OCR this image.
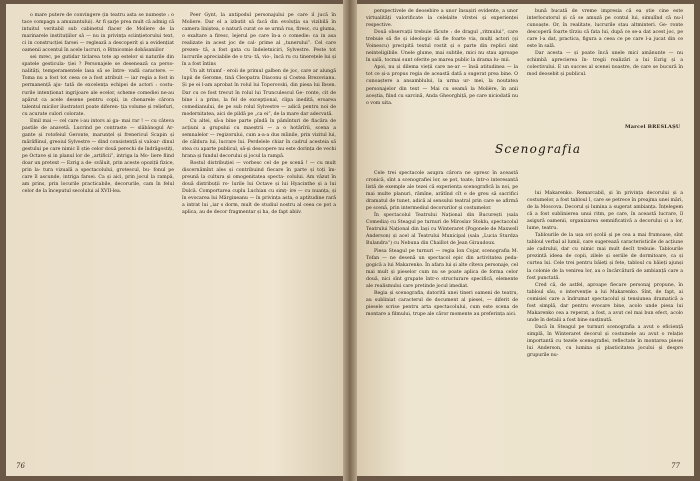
o mare putere de convingere (in teatru asta se numește : o tace compagn a amuzantului). Ar fi șarje prea mult că admig că intuitul veritabil sub cabinetul flacer de Moliere de la marinarele instituțiilor să — nu in privința sciințietorului text, ci in construcției farsei — reglează a descoperit și a evidențiat oamenii accentul în acele lucruri, o Bitnicomie dobăsaniilor

sei mrec, pe gutidar ticlarea tote ap estelor si naturile din spatele gesticula- ției ? Personajele se desenează ca perso- nalități, temperamentele lasa să se între- vadă caractere. — Toma nu a fost tot ceea ce a fost atribuit — iar regia a fost in permanență aju- tată de excelența echipei de actori : costu- rurile intenționat ingrijoare ale ecelor, scheme comediei ne-au apărut ca acele desene pentru copii, in chenarele cărora talentul micilor ilustratori poate diferen- ția volume și reliefuri, cu acurate culori colorate.

Emil mai — cel care i-au intors ai ga- mai rar ! — cu câteva pastile de anavetă. Lucrind pe contraste — slăbănogul Ar- gante și rotofeiul Geronte, marunțel și frenericul Scapin și mărăflinul, greoiul Sylvestre — dind consistență și valoar- dinul gestului pe care nimic îl știe celor două perechi de îndrăgostiți, pe Octave și in planul lor de „artificii”, intriga la Mo- liere fiind doar un pretext — Ezrig a de- svăluit, prin aceste opoziții fizice, prin la- tura vizuală a spectacolului, grotescul, bu- fonul pe care îl ascunde, intriga farsei. Ca și aici, prin jocul la rampă, am prins, prin locurile practicabile, decorurile, cam în felul celor de la începutul secolului al XVII-lea.

Peer Gynt, la antipodul personajului pe care il jucă în Moliere. Dar el a izbutit să facă din evoluția sa vizibilă în camera liniștea, o natură curat ce se urmă rus, firesc, cu gluma, o exaltare a firesc, lejerul pe care în-a o comedie: ca in asa realizate in acest joc de cal- prime al „tunerului“. Cel care prezen- tă, a fost gata cu îndeletniciri, Sylvestre. Peste tot lucrurile apreciabile de o tru- tă, vio-, încă ru cu tinerețele lui și în a fost întins

Un alt triumf - eroii de primul galben de joc, care ar alungă lupii de Gerome, tină Cleopatra Diaconu și Costea Brezovianu. Și pe ei l-am aprobat în rolul lui Toporovski, din piesa lui Ibsen. Dar cu ce fost trecut în rolul lui Trunculescul Ge- ronte, cit de bine i a prins, la fel de excepțional, clipa inedită, eroarea comedianului, de pe sub rolul Sylvestre — adică pentru noi de modernitatea, aici de pildă pe „ca ei“, de la mare dar adecvată.

Cu altei, să-a bine parte pîndă în pămînturi de flacăra de acțiuni a grupului cu maeștrii — a o hotărîrii, scena a semnalelor — regizorului, cum a-a-a dus mîinile, prin vizitul lui, de căldura lui, lucrare lui. Perdelele chiar în cadrul acesteia să stea cu aparte publicul, să-și descopere nu este dorința de vechi hrana și fundul decorului și jocul la rampă.

Rostul distribuției — vorbesc cel de pe scenă ! — cu mult discernămînt ales și contribuind fiecare în parte și toți îm- preună la cultura și omogenitatea specta- colului. Am văzut în două distribuții ro- lurile lui Octave și lui Hyacinthe și a lui Dulcă. Comportarea cuplu Luchian cu simț- ire — cu nuanța, și în evocarea lui Mărgineanu — în privința asta, o aptitudine rară a intrat lui „iar s dorm, mult de studiul nostru al ceea ce pot a aplica, au de decor fragmentar și ha, de fapt abiiv.

76

perspectivele de deosebire a unor însușiri evidente, a unor virtualități valorificate la celelalte vîrstei și experienței respective.

Două observații trebuie făcute : de dragul „ritmului“, care trebuie să fie și ideologic să fie foarte via, mulți actori (și Voinescu) precipită textul rostit și o parte din replici sint neinteligibile. Unele glume, mai subtile, mici nu stau aproape în sală, tocmai sunt oferite pe marea public la drama lu- mii.

Apoi, nu și dilema vieții care ne-ar — însă atitudinea — la tot ce și-a propus regia de această dată a sugerat prea bine. O cunoaștere a ansamblului, la urma ur- mei, la noutatea personajelor din text — Mai cu seamă la Molière, în anii aceștia, fiind cu sarcină, Anda Gheorghiță, pe care niciodată nu o vom uita.

bună bucată de vreme impresia că ea știe cine este interlocutorul și că se amuză pe contul lui, simulînd că nu-l cunoaște. Or, în realitate, lucrurile stau altminteri. Ge- ronte descoperă foarte tîrziu că fata lui, după ce se-a dat acest joc, pe care l-a dat, practica, figura a ceea ce pe care l-a jucat din ce este în sală.

Dar acesta — și poate încă unele mici amănunte — nu schimbă aprecierea în- tregii realizări a lui Ezrig și a colectivului. E un succes al scenei noastre, de care se bucură în mod deosebit și publicul.

Marcel BRESLAȘU
Scenografia

Cele trei spectacole asupra cărora ne opresc în această cronică, sînt a scenografiei lor, se pot, toate, într-o interesantă listă de exemple ale tezei că experiența scenografică la noi, pe mai multe planuri, rămîne, arătînd cît e de greu să sacrifici dramatul de tunet, adică al sensului teatral prin care se afirmă pe scenă, prin intermediul decorurilor și costumelor.

În spectacolul Teatrului Național din București (sala Comedia) cu Steagul pe turnuri de Miroslav Stoklu, spectacolul Teatrului Național din Iași cu Winteraret (Pogonele de Maxwell Anderson) și acel al Teatrului Municipal (sala „Lucia Sturdza Bulandra“) cu Nebuna din Chaillot de Jean Giraudoux.

Piesa Steagul pe turnuri — regia Ion Cojar, scenografia M. Tofan — ne desenă un spectacol epic din activitatea peda- gogică a lui Makarenko. În afara lui și alte cîteva personaje, cel mai mult și pieselor cum nu se poate aplica de forma celor două, nici sînt grupate într-o structurare specifică, elemente ale realismului care pretinde jocul imediat.

Regia și scenografia, datorită unei tineri oameni de teatru, au subliniat caracterul de document al piesei, — diferit de piesele scrise pentru arta spectacolului, cum este scena de montare a filmului, trupe ale căror momente au preferința aici.

lui Makarenko. Remarcabil, și în privința decorului și a costumelor, a fost tabloul I, care se petrece în preajma unei mări, de la Moscova. Decorul și lumina a sugerat ambianța. Înțelegem că a fost sublinierea unui ritm, pe care, în această lucrare, îl asigură oamenii, organizarea semnificativă a decorului și a lor, lume, teatru.

Tablourile de la ușa ori școlii și pe cea a mai frumoase, sînt tabloul verbal al lumii, care sugerează caracteristicile de acțiune ale cadrului, dar cu nimic mai mult decît trebuie. Tablourile prezintă ideea de copii, zilele și seriile de dormitoare, ca și curtea lui. Cele trei pentru băieți și fete, tabloul cu băieți ajunși la colonie de la venirea lor, au o încărcătură de ambianță care a fost punctată.

Cred că, de astfel, aproape fiecare personaj propune, în tabloul său, o intervenție a lui Makarenko. Sînt, de fapt, ai comisiei care a îndrumat spectacolul și tensiunea dramatică a fost simplă, dar pentru evocare bine, acolo unde piesa lui Makarenko cea a reperat, a fost, a avut cel mai bun efect, acolo unde în detalii a fost bine susținută.

Dacă în Steagul pe turnuri scenografia a avut o eficiență simplă, în Winteraret decorul și costumele au avut o relație importantă cu tezele scenografiei, reflectate în montarea piesei lui Anderson, cu lumina și plasticitatea jocului și despre grupurile nu-

77
